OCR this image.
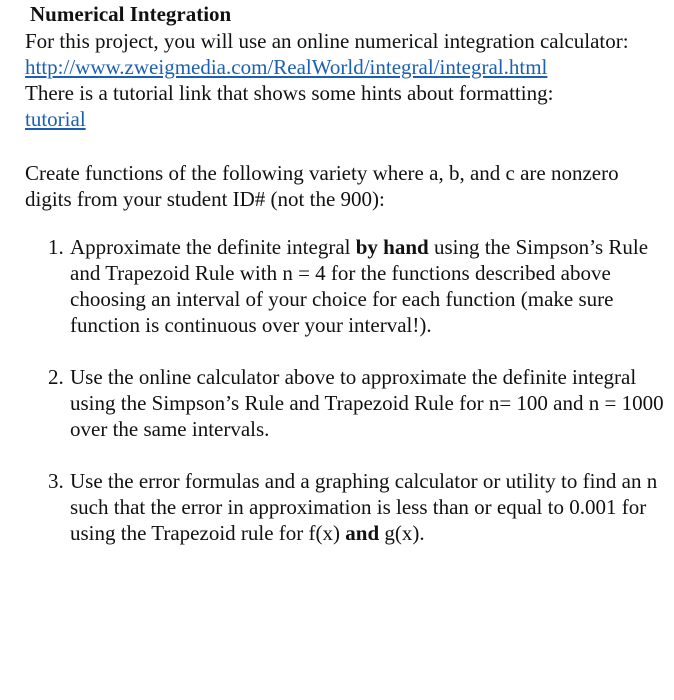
Numerical Integration

For this project, you will use an online numerical integration calculator:
http://www.zweigmedia.com/RealWorld/integral/integral.html
There is a tutorial link that shows some hints about formatting:
tutorial

Create functions of the following variety where a, b, and c are nonzero digits from your student ID# (not the 900):

1. Approximate the definite integral by hand using the Simpson’s Rule and Trapezoid Rule with n = 4 for the functions described above choosing an interval of your choice for each function (make sure function is continuous over your interval!).
2. Use the online calculator above to approximate the definite integral using the Simpson’s Rule and Trapezoid Rule for n= 100 and n = 1000 over the same intervals.
3. Use the error formulas and a graphing calculator or utility to find an n such that the error in approximation is less than or equal to 0.001 for using the Trapezoid rule for f(x) and g(x).
